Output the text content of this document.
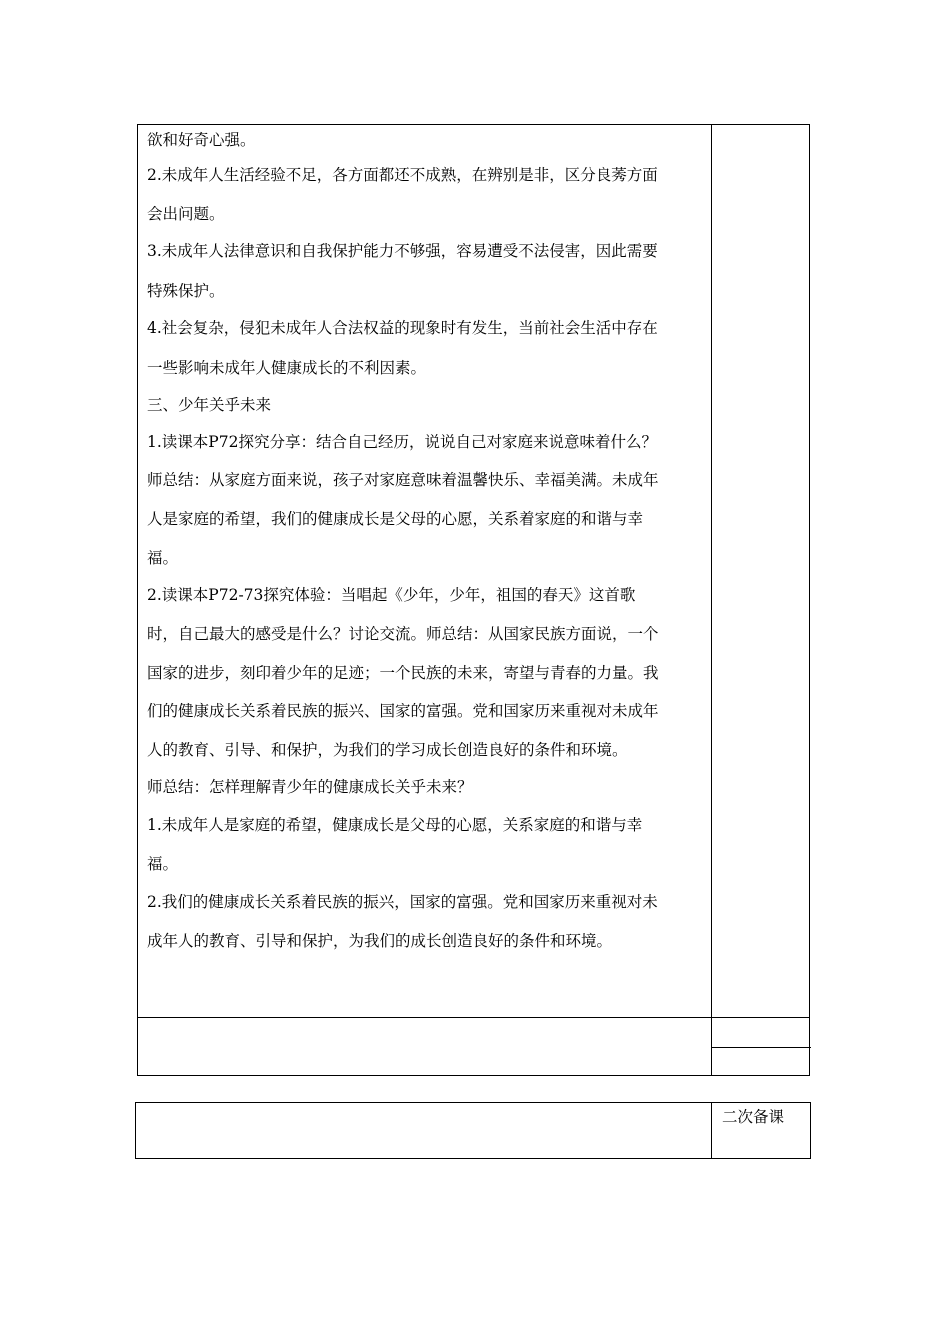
欲和好奇心强。
2.未成年人生活经验不足，各方面都还不成熟，在辨别是非，区分良莠方面
会出问题。
3.未成年人法律意识和自我保护能力不够强，容易遭受不法侵害，因此需要
特殊保护。
4.社会复杂，侵犯未成年人合法权益的现象时有发生，当前社会生活中存在
一些影响未成年人健康成长的不利因素。
三、少年关乎未来
1.读课本P72探究分享：结合自己经历，说说自己对家庭来说意味着什么？
师总结：从家庭方面来说，孩子对家庭意味着温馨快乐、幸福美满。未成年
人是家庭的希望，我们的健康成长是父母的心愿，关系着家庭的和谐与幸
福。
2.读课本P72-73探究体验：当唱起《少年，少年，祖国的春天》这首歌
时，自己最大的感受是什么？讨论交流。师总结：从国家民族方面说，一个
国家的进步，刻印着少年的足迹；一个民族的未来，寄望与青春的力量。我
们的健康成长关系着民族的振兴、国家的富强。党和国家历来重视对未成年
人的教育、引导、和保护，为我们的学习成长创造良好的条件和环境。
师总结：怎样理解青少年的健康成长关乎未来？
1.未成年人是家庭的希望，健康成长是父母的心愿，关系家庭的和谐与幸
福。
2.我们的健康成长关系着民族的振兴，国家的富强。党和国家历来重视对未
成年人的教育、引导和保护，为我们的成长创造良好的条件和环境。
二次备课
